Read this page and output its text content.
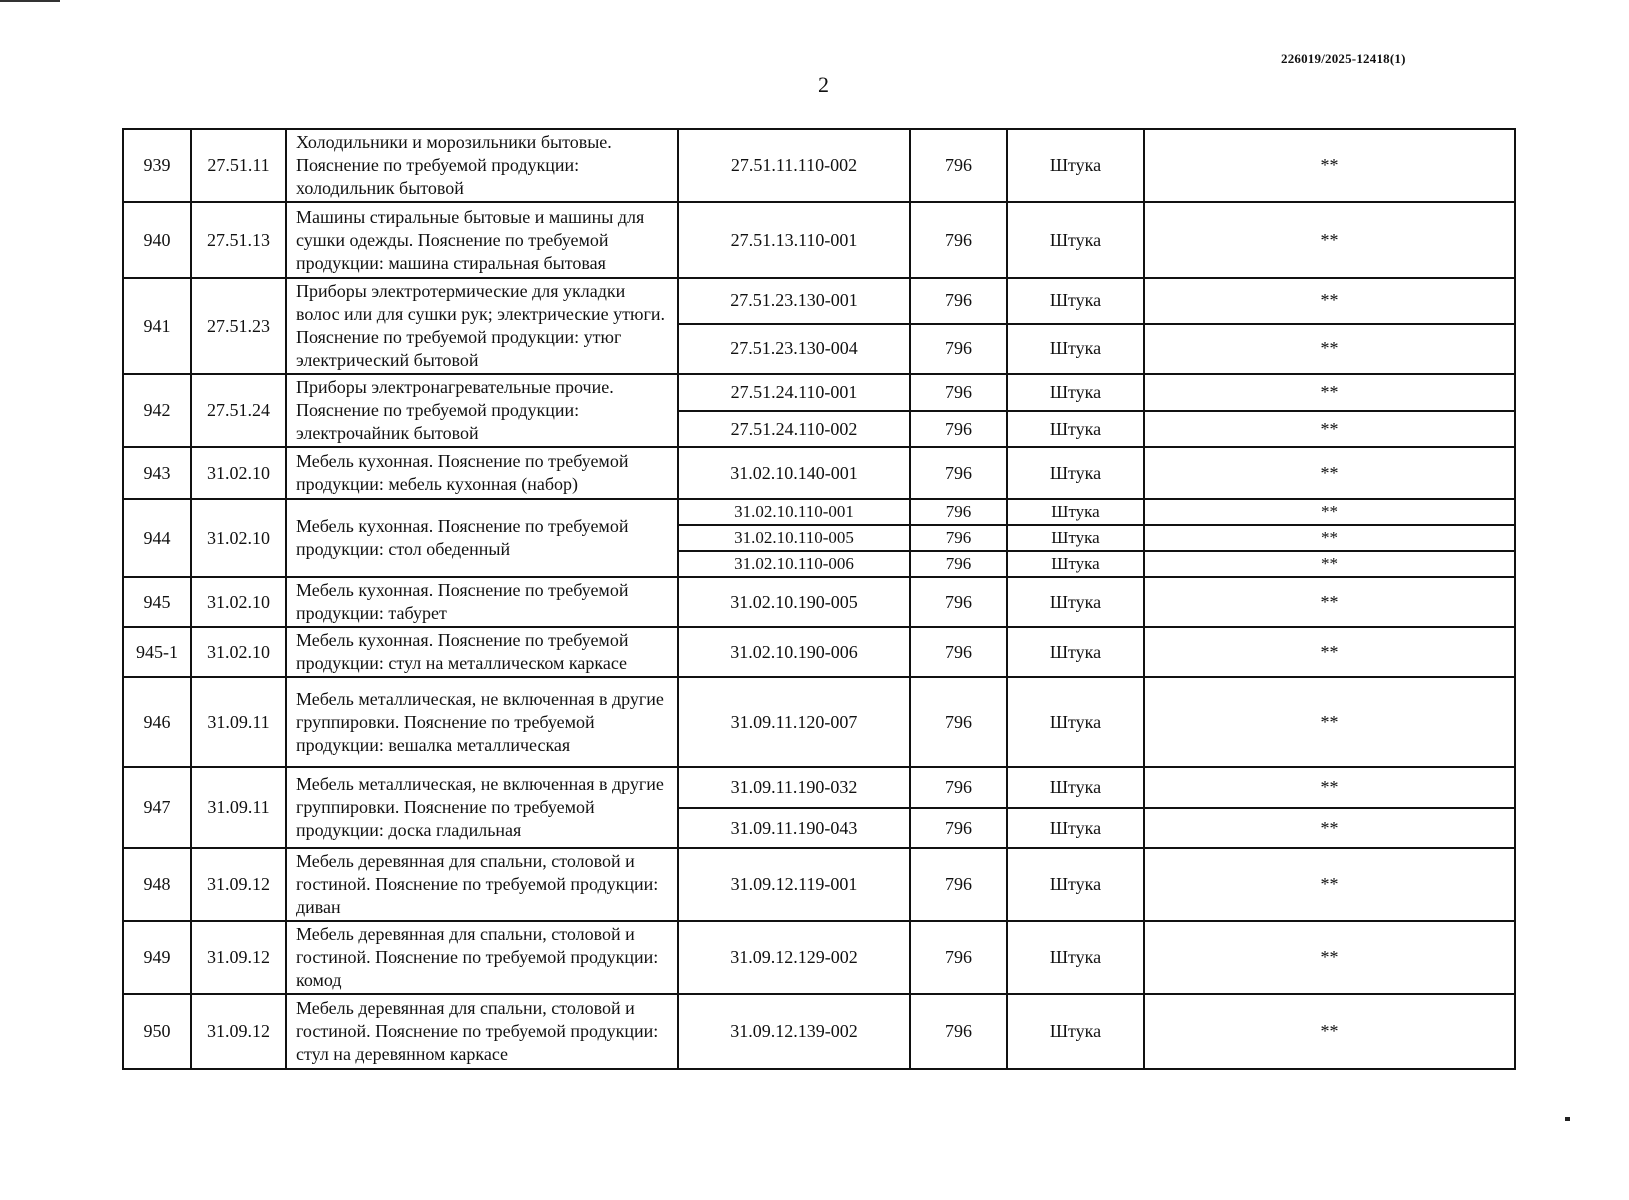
226019/2025-12418(1)
2
939	27.51.11	Холодильники и морозильники бытовые. Пояснение по требуемой продукции: холодильник бытовой	27.51.11.110-002	796	Штука	**
940	27.51.13	Машины стиральные бытовые и машины для сушки одежды. Пояснение по требуемой продукции: машина стиральная бытовая	27.51.13.110-001	796	Штука	**
941	27.51.23	Приборы электротермические для укладки волос или для сушки рук; электрические утюги. Пояснение по требуемой продукции: утюг электрический бытовой	27.51.23.130-001	796	Штука	**
			27.51.23.130-004	796	Штука	**
942	27.51.24	Приборы электронагревательные прочие. Пояснение по требуемой продукции: электрочайник бытовой	27.51.24.110-001	796	Штука	**
			27.51.24.110-002	796	Штука	**
943	31.02.10	Мебель кухонная. Пояснение по требуемой продукции: мебель кухонная (набор)	31.02.10.140-001	796	Штука	**
944	31.02.10	Мебель кухонная. Пояснение по требуемой продукции: стол обеденный	31.02.10.110-001	796	Штука	**
			31.02.10.110-005	796	Штука	**
			31.02.10.110-006	796	Штука	**
945	31.02.10	Мебель кухонная. Пояснение по требуемой продукции: табурет	31.02.10.190-005	796	Штука	**
945-1	31.02.10	Мебель кухонная. Пояснение по требуемой продукции: стул на металлическом каркасе	31.02.10.190-006	796	Штука	**
946	31.09.11	Мебель металлическая, не включенная в другие группировки. Пояснение по требуемой продукции: вешалка металлическая	31.09.11.120-007	796	Штука	**
947	31.09.11	Мебель металлическая, не включенная в другие группировки. Пояснение по требуемой продукции: доска гладильная	31.09.11.190-032	796	Штука	**
			31.09.11.190-043	796	Штука	**
948	31.09.12	Мебель деревянная для спальни, столовой и гостиной. Пояснение по требуемой продукции: диван	31.09.12.119-001	796	Штука	**
949	31.09.12	Мебель деревянная для спальни, столовой и гостиной. Пояснение по требуемой продукции: комод	31.09.12.129-002	796	Штука	**
950	31.09.12	Мебель деревянная для спальни, столовой и гостиной. Пояснение по требуемой продукции: стул на деревянном каркасе	31.09.12.139-002	796	Штука	**
